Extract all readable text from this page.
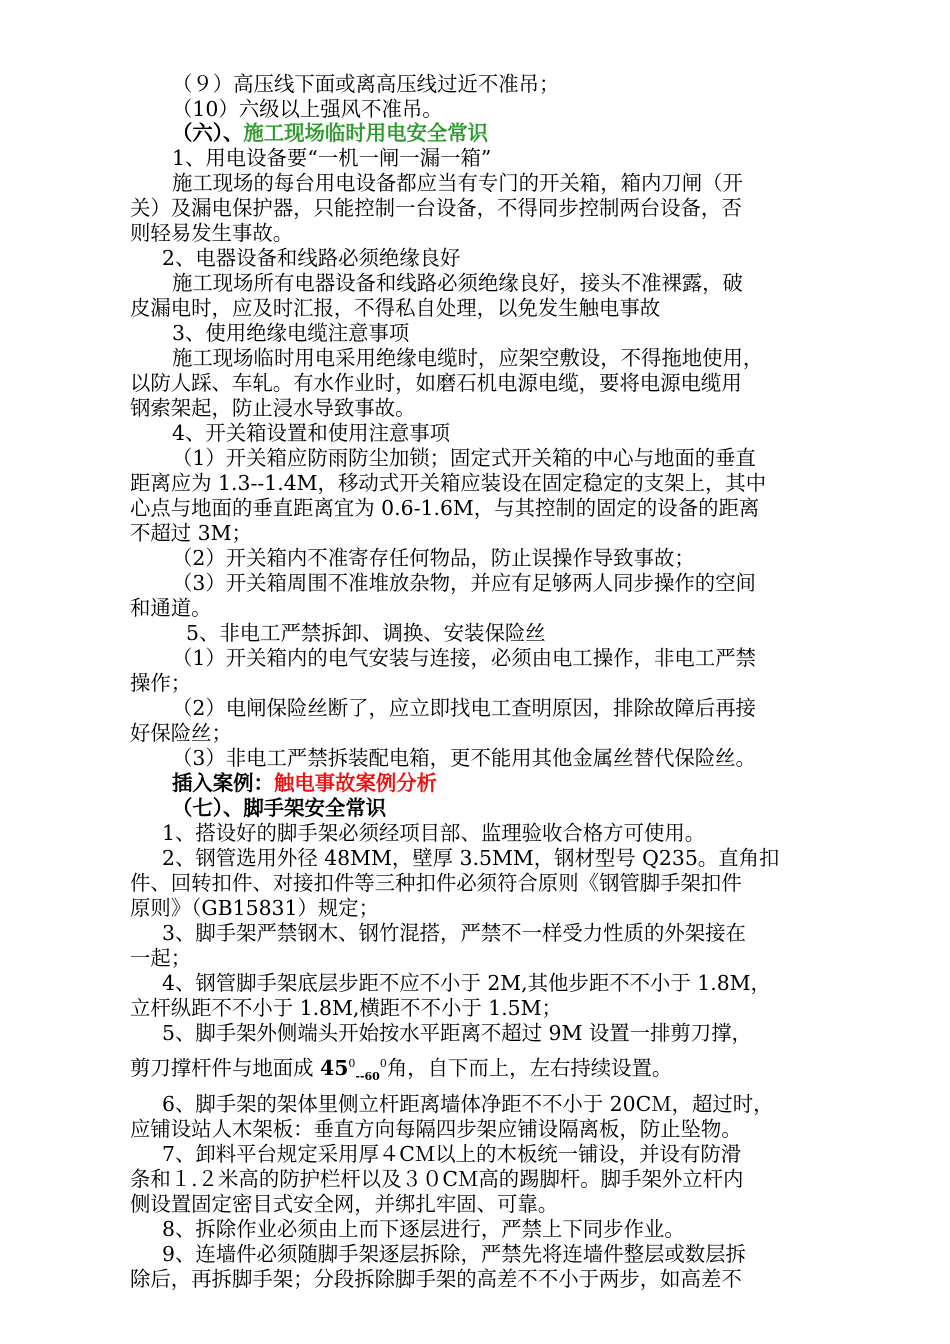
（９）高压线下面或离高压线过近不准吊；
（10）六级以上强风不准吊。
（六）、施工现场临时用电安全常识
1、用电设备要“一机一闸一漏一箱”
施工现场的每台用电设备都应当有专门的开关箱，箱内刀闸（开
关）及漏电保护器，只能控制一台设备，不得同步控制两台设备，否
则轻易发生事故。
2、电器设备和线路必须绝缘良好
施工现场所有电器设备和线路必须绝缘良好，接头不准裸露，破
皮漏电时，应及时汇报，不得私自处理，以免发生触电事故
3、使用绝缘电缆注意事项
施工现场临时用电采用绝缘电缆时，应架空敷设，不得拖地使用，
以防人踩、车轧。有水作业时，如磨石机电源电缆，要将电源电缆用
钢索架起，防止浸水导致事故。
4、开关箱设置和使用注意事项
（1）开关箱应防雨防尘加锁；固定式开关箱的中心与地面的垂直
距离应为 1.3--1.4M，移动式开关箱应装设在固定稳定的支架上，其中
心点与地面的垂直距离宜为 0.6-1.6M，与其控制的固定的设备的距离
不超过 3M；
（2）开关箱内不准寄存任何物品，防止误操作导致事故；
（3）开关箱周围不准堆放杂物，并应有足够两人同步操作的空间
和通道。
5、非电工严禁拆卸、调换、安装保险丝
（1）开关箱内的电气安装与连接，必须由电工操作，非电工严禁
操作；
（2）电闸保险丝断了，应立即找电工查明原因，排除故障后再接
好保险丝；
（3）非电工严禁拆装配电箱，更不能用其他金属丝替代保险丝。
插入案例：触电事故案例分析
（七）、脚手架安全常识
1、搭设好的脚手架必须经项目部、监理验收合格方可使用。
2、钢管选用外径 48MM，壁厚 3.5MM，钢材型号 Q235。直角扣
件、回转扣件、对接扣件等三种扣件必须符合原则《钢管脚手架扣件
原则》（GB15831）规定；
3、脚手架严禁钢木、钢竹混搭，严禁不一样受力性质的外架接在
一起；
4、钢管脚手架底层步距不应不小于 2M,其他步距不不小于 1.8M，
立杆纵距不不小于 1.8M,横距不不小于 1.5M；
5、脚手架外侧端头开始按水平距离不超过 9M 设置一排剪刀撑，
剪刀撑杆件与地面成 $45^0_{--60}^0$角，自下而上，左右持续设置。
6、脚手架的架体里侧立杆距离墙体净距不不小于 20CＭ，超过时，
应铺设站人木架板：垂直方向每隔四步架应铺设隔离板，防止坠物。
7、卸料平台规定采用厚４CＭ以上的木板统一铺设，并设有防滑
条和１.２米高的防护栏杆以及３０CＭ高的踢脚杆。脚手架外立杆内
侧设置固定密目式安全网，并绑扎牢固、可靠。
8、拆除作业必须由上而下逐层进行，严禁上下同步作业。
9、连墙件必须随脚手架逐层拆除，严禁先将连墙件整层或数层拆
除后，再拆脚手架；分段拆除脚手架的高差不不小于两步，如高差不
